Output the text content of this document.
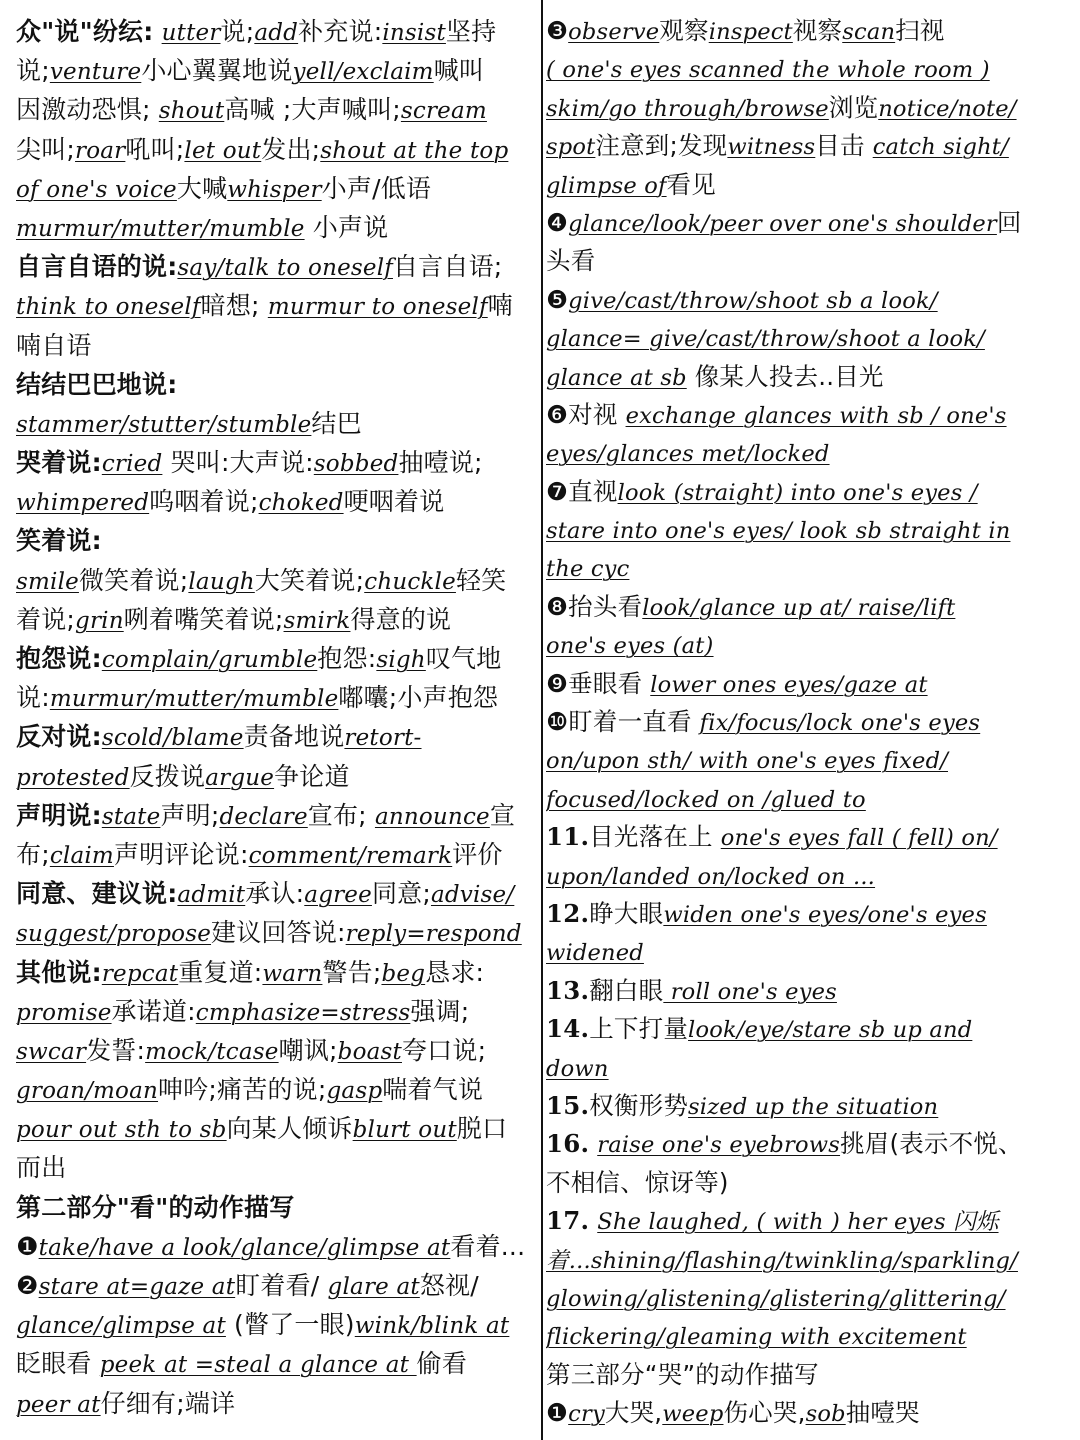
众"说"纷纭: utter说;add补充说:insist坚持
说;venture小心翼翼地说yell/exclaim喊叫
因激动恐惧; shout高喊 ;大声喊叫;scream
尖叫;roar吼叫;let out发出;shout at the top
of one's voice大喊whisper小声/低语
murmur/mutter/mumble 小声说
自言自语的说:say/talk to oneself自言自语;
think to oneself暗想; murmur to oneself喃
喃自语
结结巴巴地说:
stammer/stutter/stumble结巴
哭着说:cried 哭叫:大声说:sobbed抽噎说;
whimpered呜咽着说;choked哽咽着说
笑着说:
smile微笑着说;laugh大笑着说;chuckle轻笑
着说;grin咧着嘴笑着说;smirk得意的说
抱怨说:complain/grumble抱怨:sigh叹气地
说:murmur/mutter/mumble嘟囔;小声抱怨
反对说:scold/blame责备地说retort-
protested反拨说argue争论道
声明说:state声明;declare宣布; announce宣
布;claim声明评论说:comment/remark评价
同意、建议说:admit承认:agree同意;advise/
suggest/propose建议回答说:reply=respond
其他说:repcat重复道:warn警告;beg恳求:
promise承诺道:cmphasize=stress强调;
swcar发誓:mock/tcase嘲讽;boast夸口说;
groan/moan呻吟;痛苦的说;gasp喘着气说
pour out sth to sb向某人倾诉blurt out脱口
而出
第二部分"看"的动作描写
❶take/have a look/glance/glimpse at看着...
❷stare at=gaze at盯着看/ glare at怒视/
glance/glimpse at (瞥了一眼)wink/blink at
眨眼看 peek at =steal a glance at 偷看
peer at仔细有;端详
❸observe观察inspect视察scan扫视
( one's eyes scanned the whole room )
skim/go through/browse浏览notice/note/
spot注意到;发现witness目击 catch sight/
glimpse of看见
❹glance/look/peer over one's shoulder回
头看
❺give/cast/throw/shoot sb a look/
glance= give/cast/throw/shoot a look/
glance at sb 像某人投去..目光
❻对视 exchange glances with sb / one's
eyes/glances met/locked
❼直视look (straight) into one's eyes /
stare into one's eyes/ look sb straight in
the cyc
❽抬头看look/glance up at/ raise/lift
one's eyes (at)
❾垂眼看 lower ones eyes/gaze at
❿盯着一直看 fix/focus/lock one's eyes
on/upon sth/ with one's eyes fixed/
focused/locked on /glued to
11.目光落在上 one's eyes fall ( fell) on/
upon/landed on/locked on ...
12.睁大眼widen one's eyes/one's eyes
widened
13.翻白眼 roll one's eyes
14.上下打量look/eye/stare sb up and
down
15.权衡形势sized up the situation
16. raise one's eyebrows挑眉(表示不悦、
不相信、惊讶等)
17. She laughed, ( with ) her eyes 闪烁
着...shining/flashing/twinkling/sparkling/
glowing/glistening/glistering/glittering/
flickering/gleaming with excitement
第三部分“哭”的动作描写
❶cry大哭,weep伤心哭,sob抽噎哭
